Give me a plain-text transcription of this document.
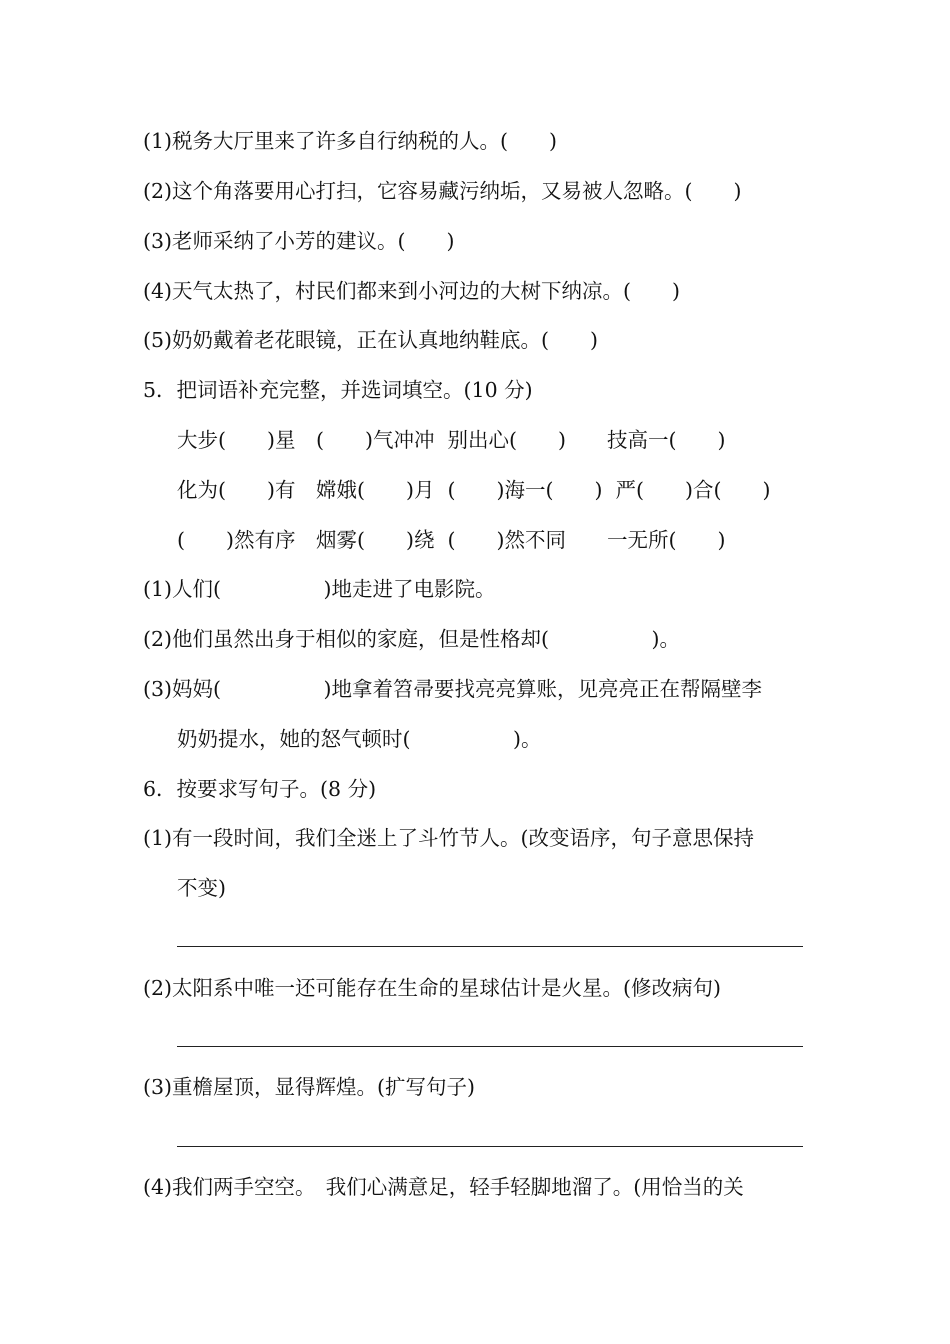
(1)税务大厅里来了许多自行纳税的人。(　　)
(2)这个角落要用心打扫，它容易藏污纳垢，又易被人忽略。(　　)
(3)老师采纳了小芳的建议。(　　)
(4)天气太热了，村民们都来到小河边的大树下纳凉。(　　)
(5)奶奶戴着老花眼镜，正在认真地纳鞋底。(　　)
5．把词语补充完整，并选词填空。(10 分)
大步(　　)星　(　　)气冲冲  别出心(　　)　　技高一(　　)
化为(　　)有　嫦娥(　　)月  (　　)海一(　　)  严(　　)合(　　)
(　　)然有序　烟雾(　　)绕  (　　)然不同　　一无所(　　)
(1)人们(　　　　　)地走进了电影院。
(2)他们虽然出身于相似的家庭，但是性格却(　　　　　)。
(3)妈妈(　　　　　)地拿着笤帚要找亮亮算账，见亮亮正在帮隔壁李
奶奶提水，她的怒气顿时(　　　　　)。
6．按要求写句子。(8 分)
(1)有一段时间，我们全迷上了斗竹节人。(改变语序，句子意思保持
不变)
(2)太阳系中唯一还可能存在生命的星球估计是火星。(修改病句)
(3)重檐屋顶，显得辉煌。(扩写句子)
(4)我们两手空空。　我们心满意足，轻手轻脚地溜了。(用恰当的关
